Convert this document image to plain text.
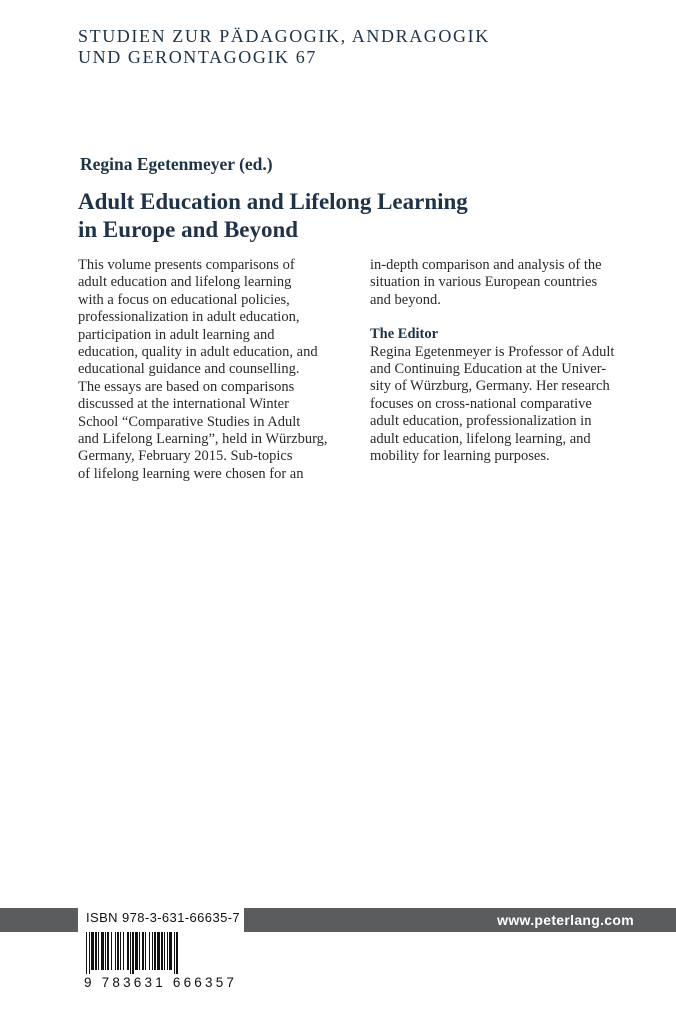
STUDIEN ZUR PÄDAGOGIK, ANDRAGOGIK
UND GERONTAGOGIK 67
Regina Egetenmeyer (ed.)
Adult Education and Lifelong Learning
in Europe and Beyond
This volume presents comparisons of
adult education and lifelong learning
with a focus on educational policies,
professionalization in adult education,
participation in adult learning and
education, quality in adult education, and
educational guidance and counselling.
The essays are based on comparisons
discussed at the international Winter
School “Comparative Studies in Adult
and Lifelong Learning”, held in Würzburg,
Germany, February 2015. Sub-topics
of lifelong learning were chosen for an
in-depth comparison and analysis of the
situation in various European countries
and beyond.
The Editor
Regina Egetenmeyer is Professor of Adult
and Continuing Education at the Univer-
sity of Würzburg, Germany. Her research
focuses on cross-national comparative
adult education, professionalization in
adult education, lifelong learning, and
mobility for learning purposes.
www.peterlang.com
ISBN 978-3-631-66635-7
9 783631 666357
